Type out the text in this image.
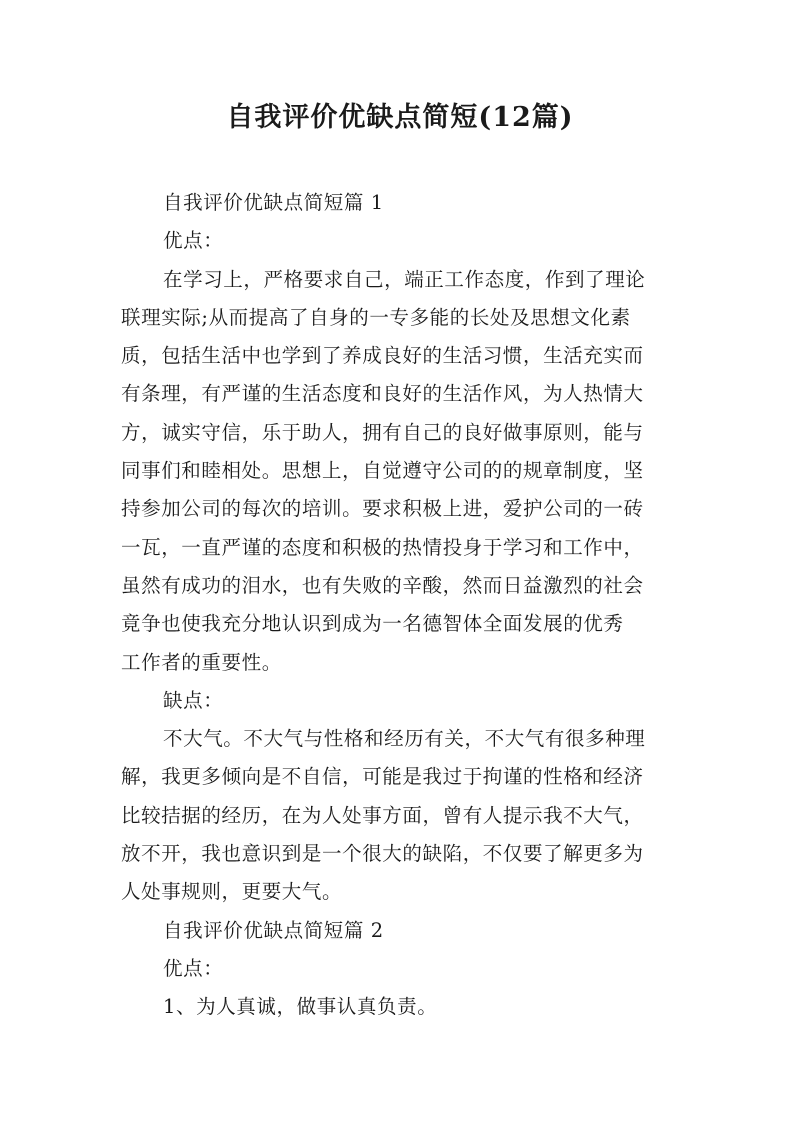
自我评价优缺点简短(12篇)
自我评价优缺点简短篇 1
优点：
在学习上，严格要求自己，端正工作态度，作到了理论
联理实际;从而提高了自身的一专多能的长处及思想文化素
质，包括生活中也学到了养成良好的生活习惯，生活充实而
有条理，有严谨的生活态度和良好的生活作风，为人热情大
方，诚实守信，乐于助人，拥有自己的良好做事原则，能与
同事们和睦相处。思想上，自觉遵守公司的的规章制度，坚
持参加公司的每次的培训。要求积极上进，爱护公司的一砖
一瓦，一直严谨的态度和积极的热情投身于学习和工作中，
虽然有成功的泪水，也有失败的辛酸，然而日益激烈的社会
竟争也使我充分地认识到成为一名德智体全面发展的优秀
工作者的重要性。
缺点：
不大气。不大气与性格和经历有关，不大气有很多种理
解，我更多倾向是不自信，可能是我过于拘谨的性格和经济
比较拮据的经历，在为人处事方面，曾有人提示我不大气，
放不开，我也意识到是一个很大的缺陷，不仅要了解更多为
人处事规则，更要大气。
自我评价优缺点简短篇 2
优点：
1、为人真诚，做事认真负责。
